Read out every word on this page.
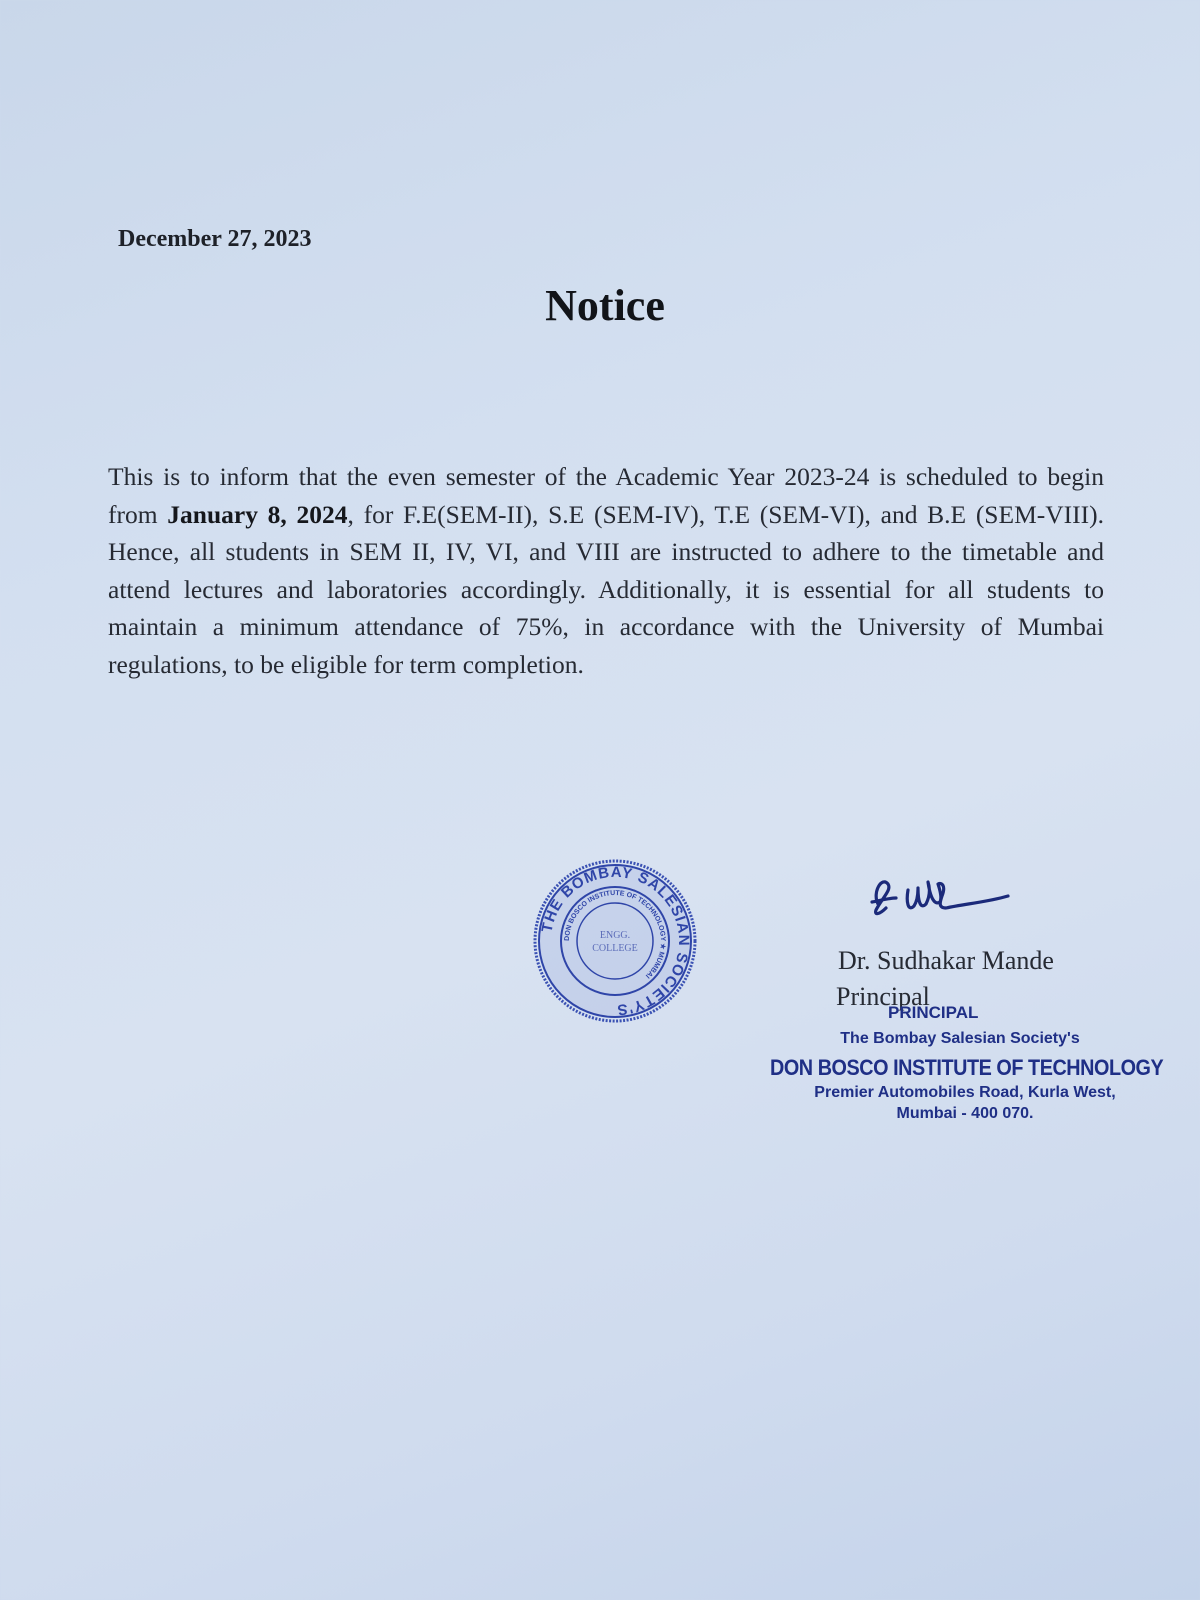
December 27, 2023
Notice
This is to inform that the even semester of the Academic Year 2023-24 is scheduled to begin from January 8, 2024, for F.E(SEM-II), S.E (SEM-IV), T.E (SEM-VI), and B.E (SEM-VIII). Hence, all students in SEM II, IV, VI, and VIII are instructed to adhere to the timetable and attend lectures and laboratories accordingly. Additionally, it is essential for all students to maintain a minimum attendance of 75%, in accordance with the University of Mumbai regulations, to be eligible for term completion.
THE BOMBAY SALESIAN SOCIETY'S
DON BOSCO INSTITUTE OF TECHNOLOGY ★ MUMBAI
ENGG.
COLLEGE	Dr. Sudhakar Mande
Principal
PRINCIPAL
The Bombay Salesian Society's
DON BOSCO INSTITUTE OF TECHNOLOGY
Premier Automobiles Road, Kurla West,
Mumbai - 400 070.
